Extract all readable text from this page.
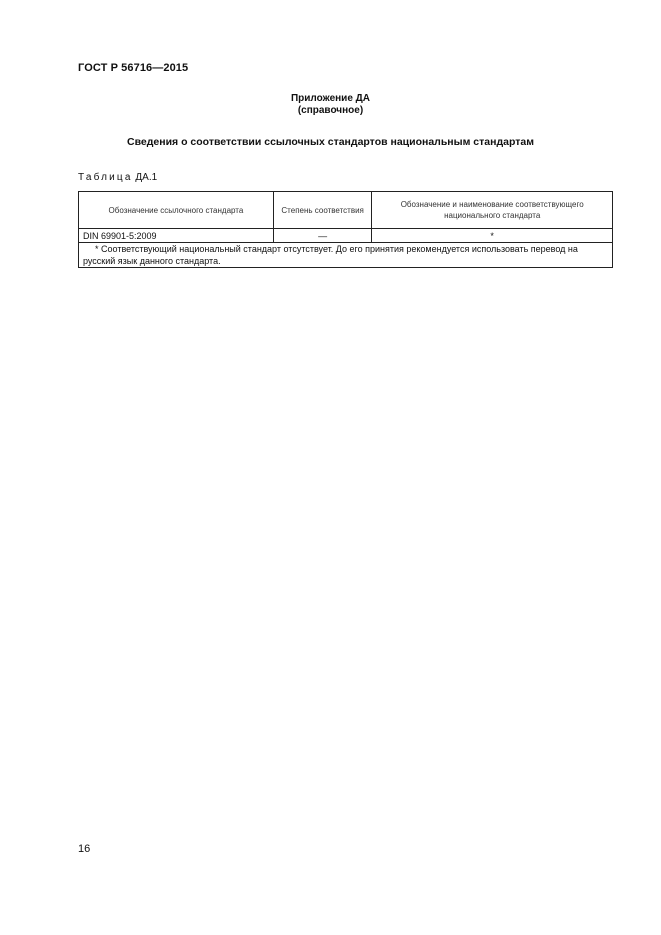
ГОСТ Р 56716—2015
Приложение ДА
(справочное)
Сведения о соответствии ссылочных стандартов национальным стандартам
Таблица ДА.1
Обозначение ссылочного стандарта	Степень соответствия	Обозначение и наименование соответствующего национального стандарта
DIN 69901-5:2009	—	*
* Соответствующий национальный стандарт отсутствует. До его принятия рекомендуется использовать перевод на русский язык данного стандарта.		
16
